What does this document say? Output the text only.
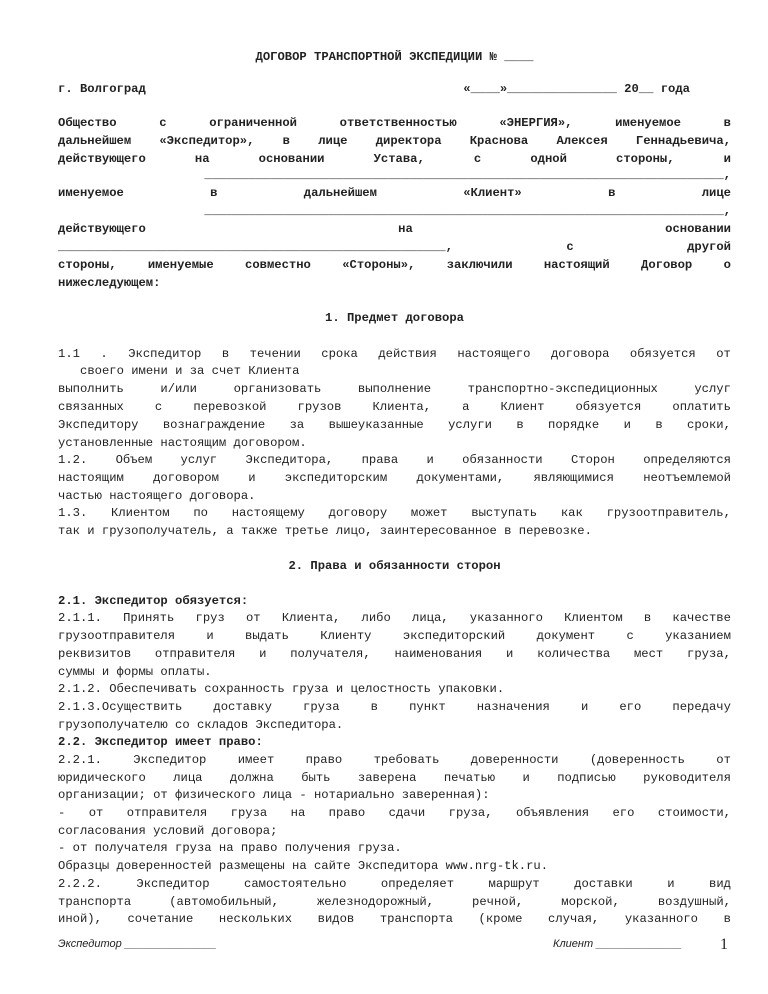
ДОГОВОР ТРАНСПОРТНОЙ ЭКСПЕДИЦИИ № ____
г. Волгоград	«____»_______________ 20__ года
Общество	с	ограниченной	ответственностью	«ЭНЕРГИЯ»,	именуемое	в
дальнейшем «Экспедитор», в лице директора Краснова Алексея Геннадьевича,
действующего	на	основании	Устава,	с	одной	стороны,	и
_______________________________________________________________________,
именуемое	в	дальнейшем	«Клиент»	в	лице
_______________________________________________________________________,
действующего	на	основании
_____________________________________________________,	с	другой
стороны,	именуемые	совместно	«Стороны»,	заключили	настоящий	Договор	о
нижеследующем:
1. Предмет договора
1.1 . Экспедитор в течении срока действия настоящего договора обязуется от
своего имени и за счет Клиента
выполнить	и/или	организовать	выполнение	транспортно-экспедиционных	услуг
связанных	с	перевозкой	грузов	Клиента,	а	Клиент	обязуется	оплатить
Экспедитору вознаграждение за вышеуказанные услуги в порядке и в сроки,
установленные настоящим договором.
1.2. Объем услуг Экспедитора, права и обязанности Сторон определяются
настоящим договором и экспедиторским документами, являющимися неотъемлемой
частью настоящего договора.
1.3. Клиентом по настоящему договору может выступать как грузоотправитель,
так и грузополучатель, а также третье лицо, заинтересованное в перевозке.
2. Права и обязанности сторон
2.1. Экспедитор обязуется:
2.1.1. Принять груз от Клиента, либо лица, указанного Клиентом в качестве
грузоотправителя	и	выдать	Клиенту	экспедиторский	документ	с	указанием
реквизитов отправителя и получателя, наименования и количества мест груза,
суммы и формы оплаты.
2.1.2. Обеспечивать сохранность груза и целостность упаковки.
2.1.3.Осуществить	доставку	груза	в	пункт	назначения	и	его	передачу
грузополучателю со складов Экспедитора.
2.2. Экспедитор имеет право:
2.2.1.	Экспедитор	имеет	право	требовать	доверенности	(доверенность	от
юридического лица должна быть заверена печатью и подписью руководителя
организации; от физического лица - нотариально заверенная):
- от отправителя груза на право сдачи груза, объявления его стоимости,
согласования условий договора;
- от получателя груза на право получения груза.
Образцы доверенностей размещены на сайте Экспедитора www.nrg-tk.ru.
2.2.2.	Экспедитор	самостоятельно	определяет	маршрут	доставки	и	вид
транспорта	(автомобильный,	железнодорожный,	речной,	морской,	воздушный,
иной), сочетание нескольких видов транспорта (кроме случая, указанного в
Экспедитор _______________	Клиент ______________ 1
